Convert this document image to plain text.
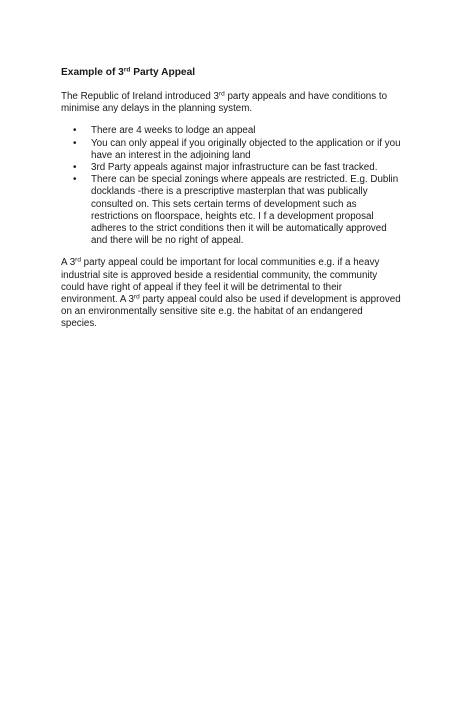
Example of 3rd Party Appeal

The Republic of Ireland introduced 3rd party appeals and have conditions to minimise any delays in the planning system.

• There are 4 weeks to lodge an appeal
• You can only appeal if you originally objected to the application or if you have an interest in the adjoining land
• 3rd Party appeals against major infrastructure can be fast tracked.
• There can be special zonings where appeals are restricted. E.g. Dublin docklands -there is a prescriptive masterplan that was publically consulted on. This sets certain terms of development such as restrictions on floorspace, heights etc. I f a development proposal adheres to the strict conditions then it will be automatically approved and there will be no right of appeal.

A 3rd party appeal could be important for local communities e.g. if a heavy industrial site is approved beside a residential community, the community could have right of appeal if they feel it will be detrimental to their environment. A 3rd party appeal could also be used if development is approved on an environmentally sensitive site e.g. the habitat of an endangered species.
